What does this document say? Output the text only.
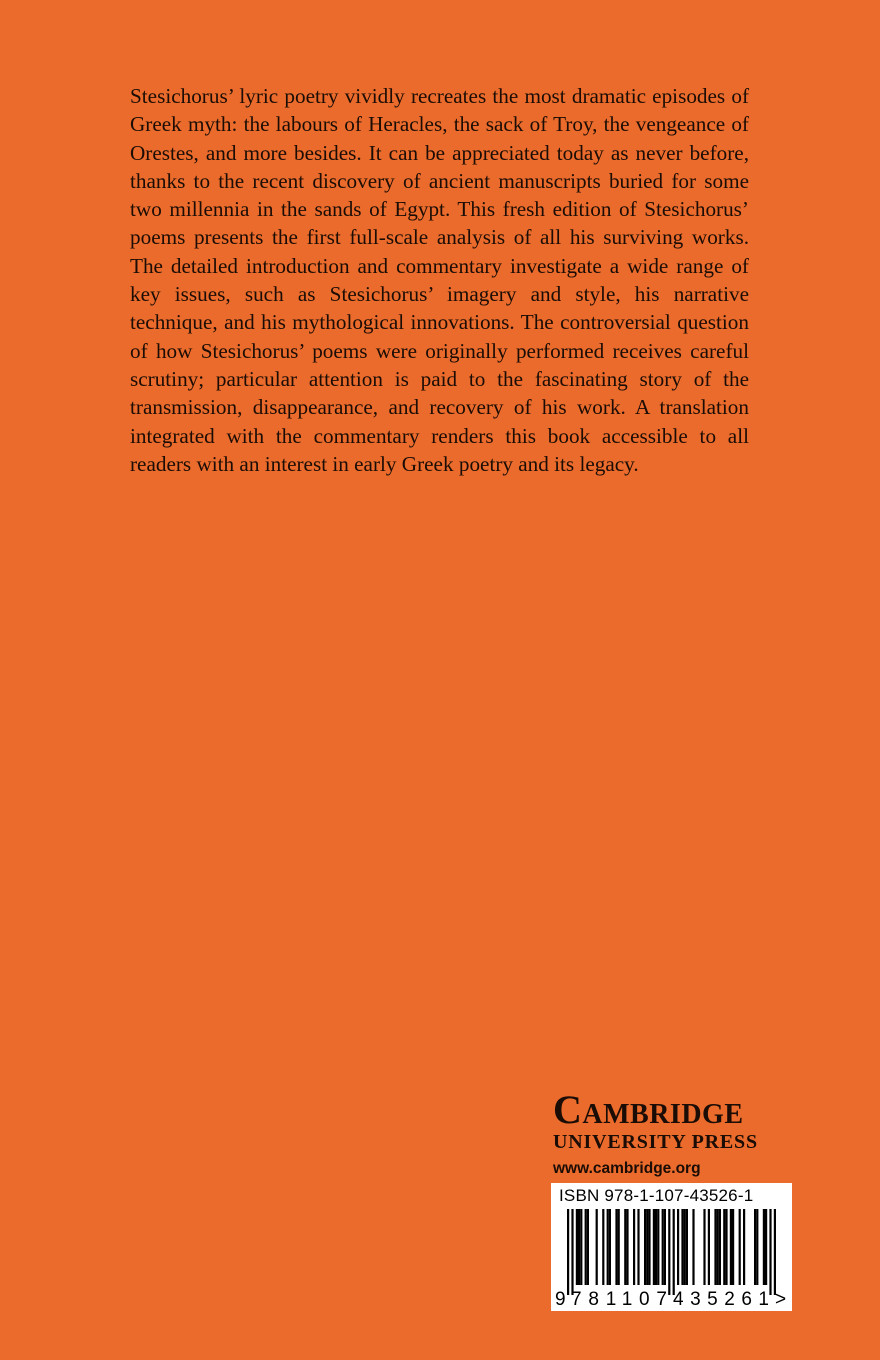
Stesichorus’ lyric poetry vividly recreates the most dramatic episodes of Greek myth: the labours of Heracles, the sack of Troy, the vengeance of Orestes, and more besides. It can be appreciated today as never before, thanks to the recent discovery of ancient manuscripts buried for some two millennia in the sands of Egypt. This fresh edition of Stesichorus’ poems presents the first full-scale analysis of all his surviving works. The detailed introduction and commentary investigate a wide range of key issues, such as Stesichorus’ imagery and style, his narrative technique, and his mythological innovations. The controversial question of how Stesichorus’ poems were originally performed receives careful scrutiny; particular attention is paid to the fascinating story of the transmission, disappearance, and recovery of his work. A translation integrated with the commentary renders this book accessible to all readers with an interest in early Greek poetry and its legacy.

Cambridge
UNIVERSITY PRESS
www.cambridge.org
ISBN 978-1-107-43526-1
9 781107 435261 >
